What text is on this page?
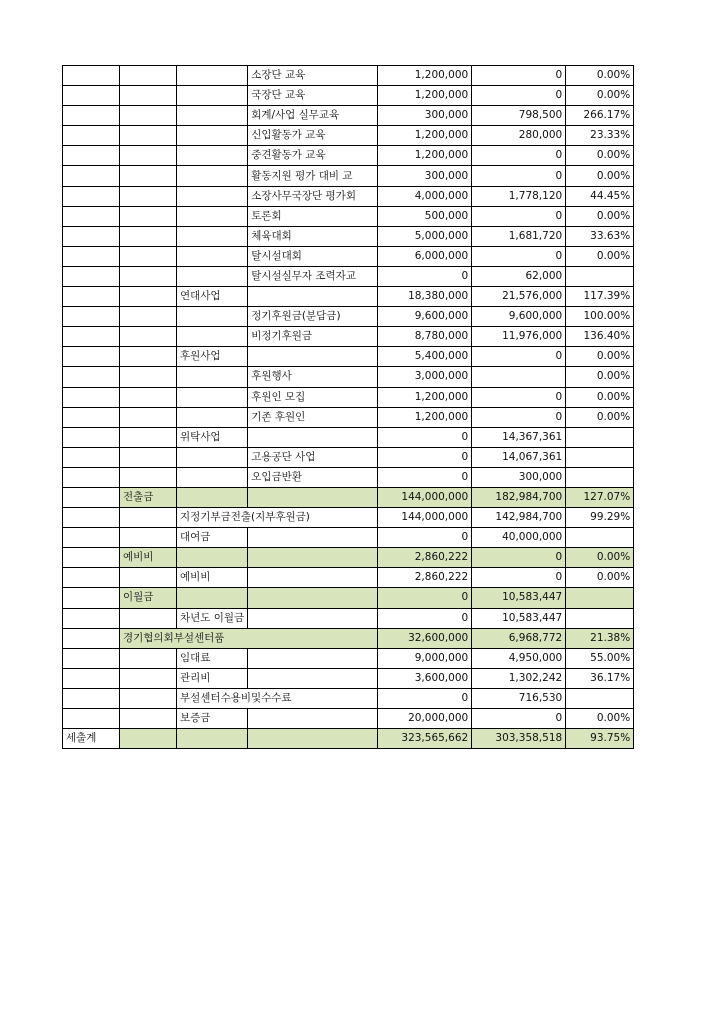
			소장단 교육	1,200,000	0	0.00%
			국장단 교육	1,200,000	0	0.00%
			회계/사업 실무교육	300,000	798,500	266.17%
			신입활동가 교육	1,200,000	280,000	23.33%
			중견활동가 교육	1,200,000	0	0.00%
			활동지원 평가 대비 교	300,000	0	0.00%
			소장사무국장단 평가회	4,000,000	1,778,120	44.45%
			토론회	500,000	0	0.00%
			체육대회	5,000,000	1,681,720	33.63%
			탈시설대회	6,000,000	0	0.00%
			탈시설실무자 조력자교	0	62,000	
		연대사업		18,380,000	21,576,000	117.39%
			정기후원금(분담금)	9,600,000	9,600,000	100.00%
			비정기후원금	8,780,000	11,976,000	136.40%
		후원사업		5,400,000	0	0.00%
			후원행사	3,000,000		0.00%
			후원인 모집	1,200,000	0	0.00%
			기존 후원인	1,200,000	0	0.00%
		위탁사업		0	14,367,361	
			고용공단 사업	0	14,067,361	
			오입금반환	0	300,000	
	전출금			144,000,000	182,984,700	127.07%
		지정기부금전출(지부후원금)		144,000,000	142,984,700	99.29%
		대여금		0	40,000,000	
	예비비			2,860,222	0	0.00%
		예비비		2,860,222	0	0.00%
	이월금			0	10,583,447	
		차년도 이월금		0	10,583,447	
	경기협의회부설센터품			32,600,000	6,968,772	21.38%
		임대료		9,000,000	4,950,000	55.00%
		관리비		3,600,000	1,302,242	36.17%
		부설센터수용비및수수료		0	716,530	
		보증금		20,000,000	0	0.00%
세출계				323,565,662	303,358,518	93.75%
